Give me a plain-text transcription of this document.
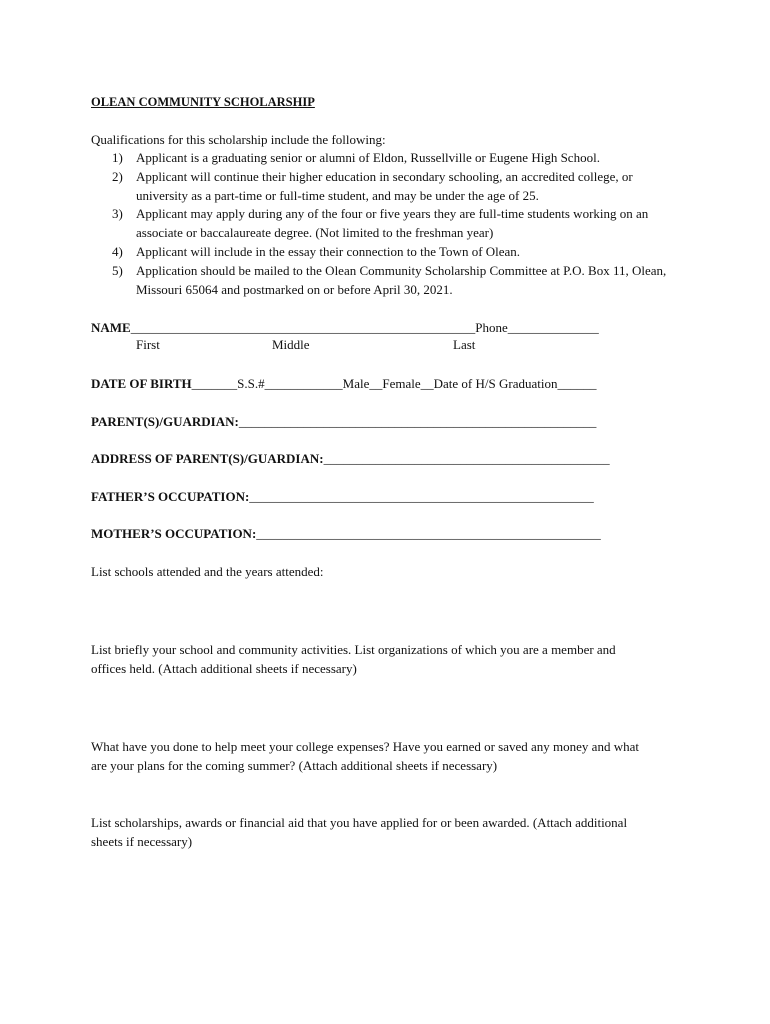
OLEAN COMMUNITY SCHOLARSHIP
Qualifications for this scholarship include the following:
1) Applicant is a graduating senior or alumni of Eldon, Russellville or Eugene High School.
2) Applicant will continue their higher education in secondary schooling, an accredited college, or university as a part-time or full-time student, and may be under the age of 25.
3) Applicant may apply during any of the four or five years they are full-time students working on an associate or baccalaureate degree. (Not limited to the freshman year)
4) Applicant will include in the essay their connection to the Town of Olean.
5) Application should be mailed to the Olean Community Scholarship Committee at P.O. Box 11, Olean, Missouri 65064 and postmarked on or before April 30, 2021.
NAME_____________________________________________________Phone______________
First	Middle	Last
DATE OF BIRTH_______S.S.#____________Male__Female__Date of H/S Graduation______
PARENT(S)/GUARDIAN:_______________________________________________________
ADDRESS OF PARENT(S)/GUARDIAN:____________________________________________
FATHER’S OCCUPATION:_____________________________________________________
MOTHER’S OCCUPATION:_____________________________________________________
List schools attended and the years attended:
List briefly your school and community activities. List organizations of which you are a member and
offices held. (Attach additional sheets if necessary)
What have you done to help meet your college expenses? Have you earned or saved any money and what
are your plans for the coming summer? (Attach additional sheets if necessary)
List scholarships, awards or financial aid that you have applied for or been awarded. (Attach additional
sheets if necessary)
